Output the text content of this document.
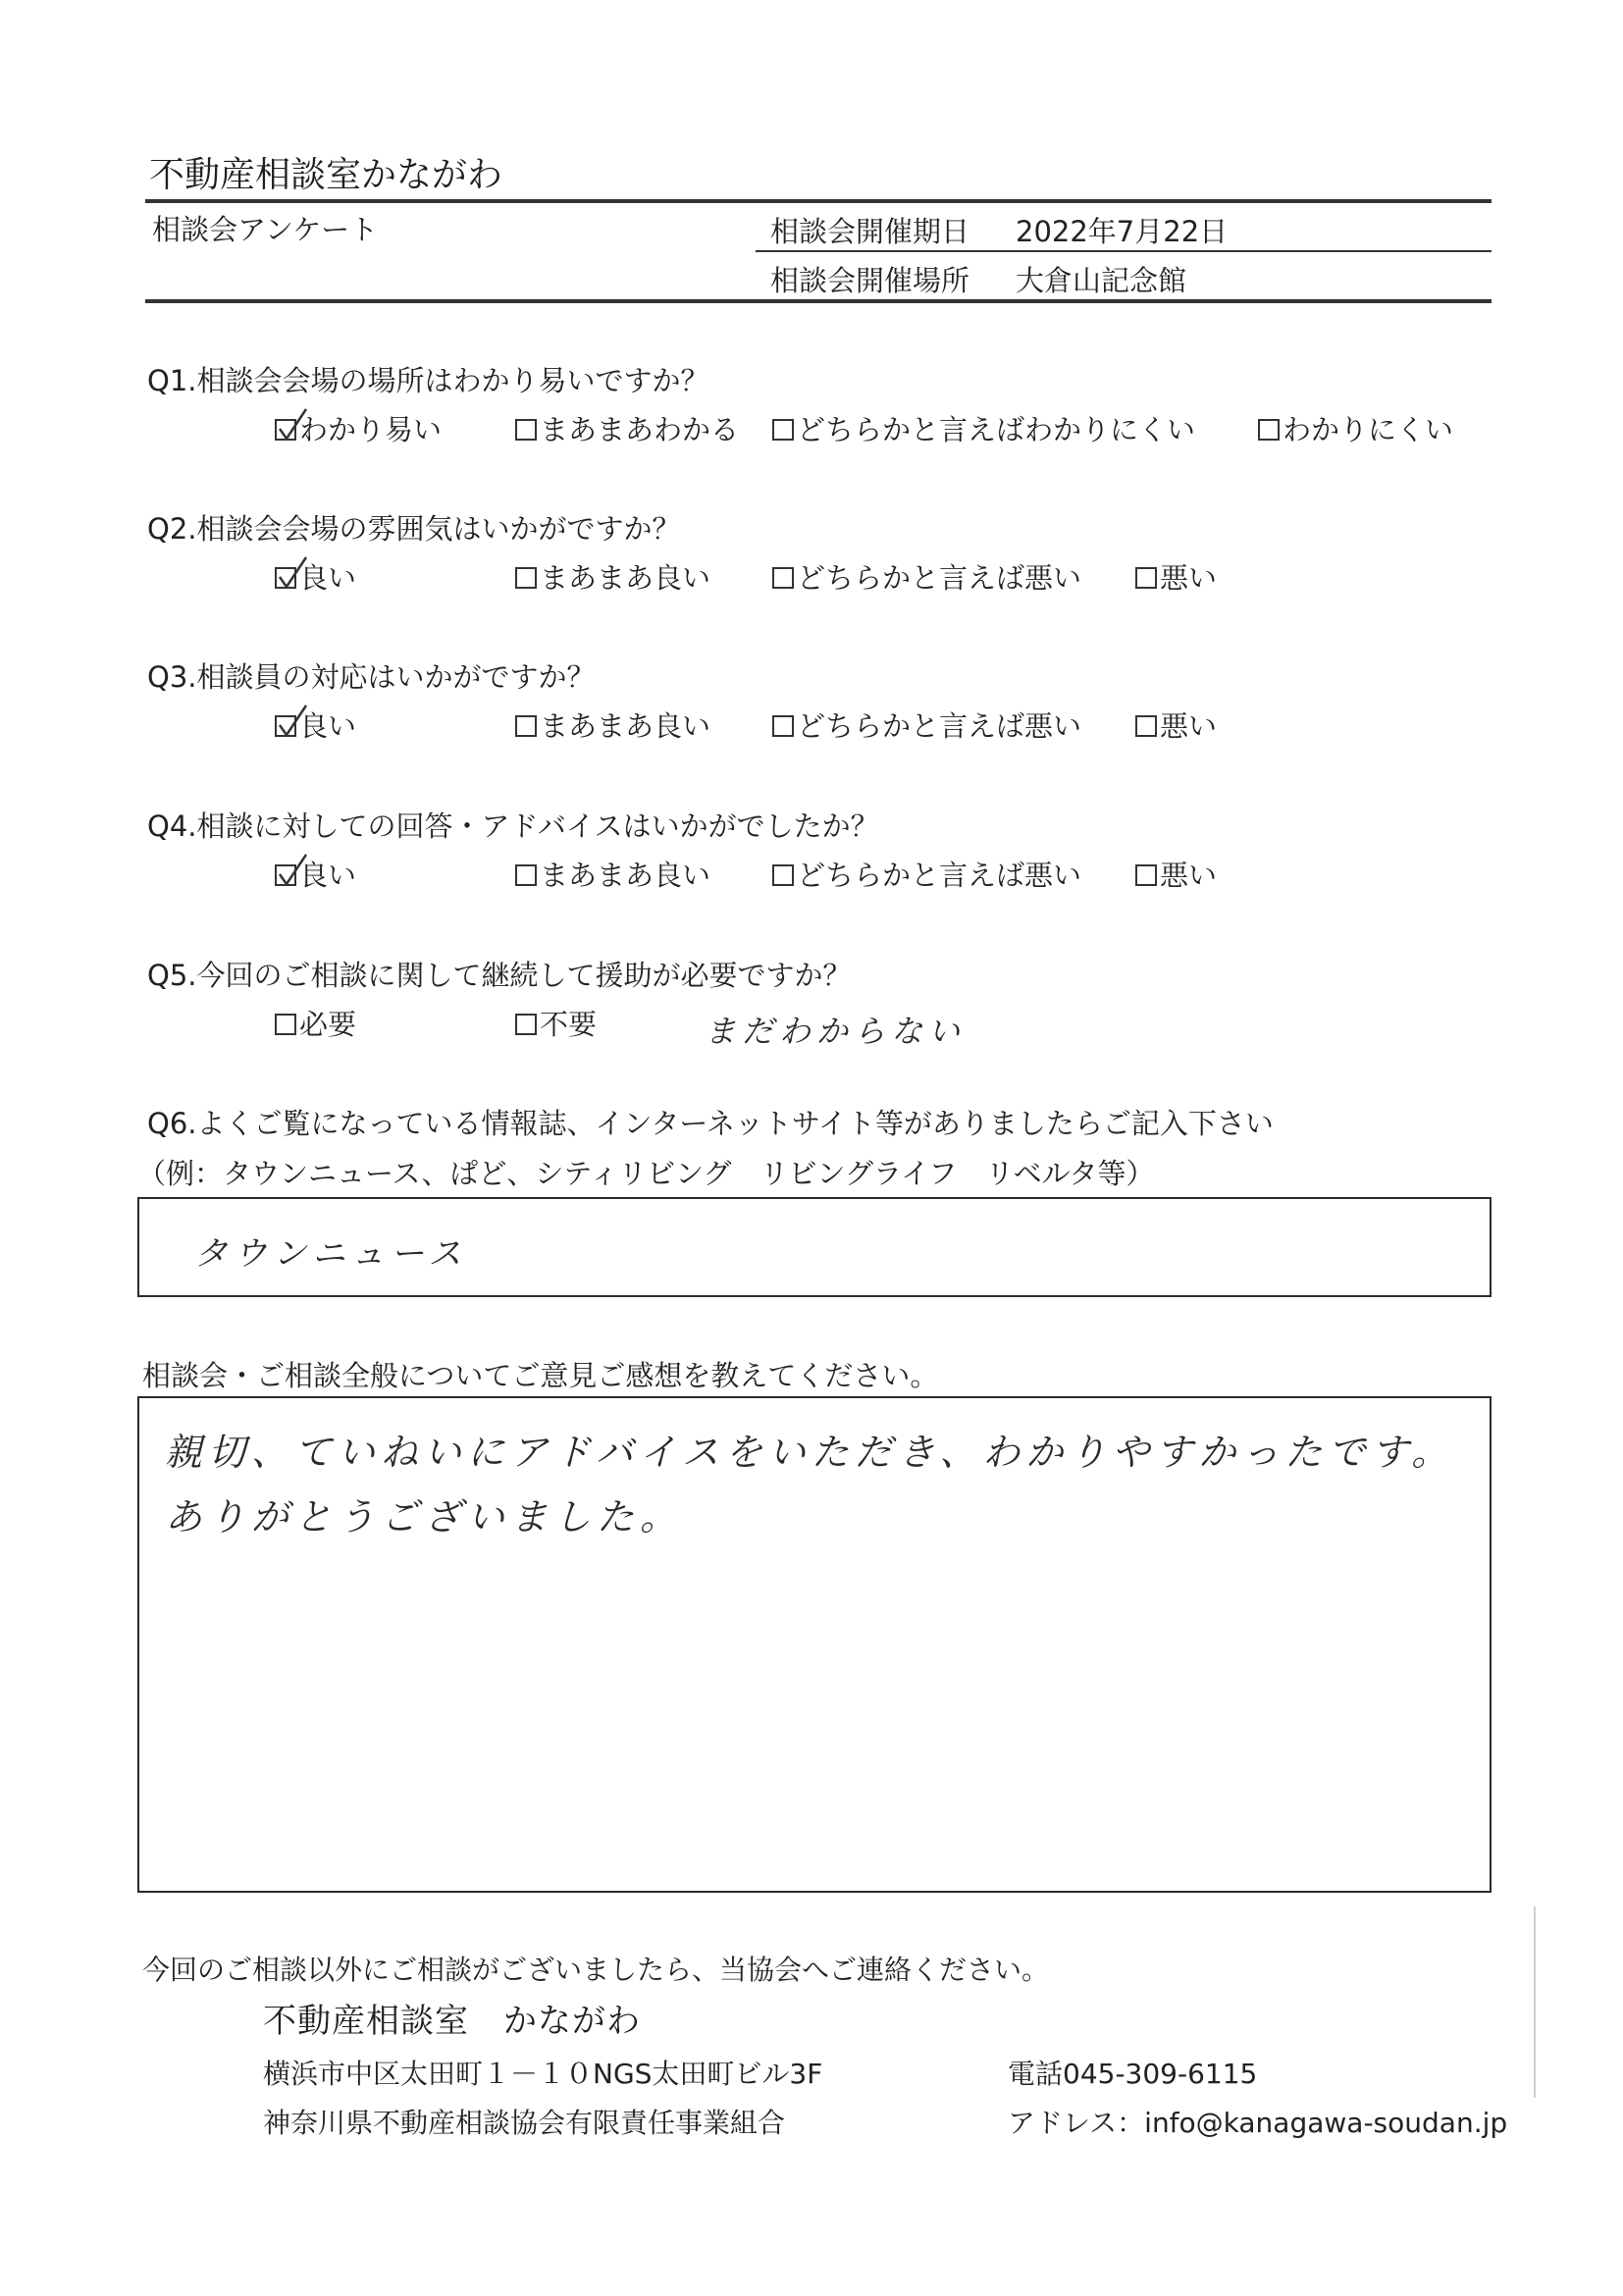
不動産相談室かながわ
相談会アンケート	相談会開催期日 2022年7月22日
相談会開催場所 大倉山記念館
Q1.相談会会場の場所はわかり易いですか？
わかり易い	まあまあわかる どちらかと言えばわかりにくい	わかりにくい
Q2.相談会会場の雰囲気はいかがですか？
良い	まあまあ良い	どちらかと言えば悪い	悪い
Q3.相談員の対応はいかがですか？
良い	まあまあ良い	どちらかと言えば悪い	悪い
Q4.相談に対しての回答・アドバイスはいかがでしたか？
良い	まあまあ良い	どちらかと言えば悪い	悪い
Q5.今回のご相談に関して継続して援助が必要ですか？
必要	不要	まだわからない
Q6.よくご覧になっている情報誌、インターネットサイト等がありましたらご記入下さい
（例：タウンニュース、ぱど、シティリビング　リビングライフ　リベルタ等）
タウンニュース
相談会・ご相談全般についてご意見ご感想を教えてください。
親切、ていねいにアドバイスをいただき、わかりやすかったです。
ありがとうございました。
今回のご相談以外にご相談がございましたら、当協会へご連絡ください。
不動産相談室　かながわ
横浜市中区太田町１－１０NGS太田町ビル3F	電話045-309-6115
神奈川県不動産相談協会有限責任事業組合	アドレス：info@kanagawa-soudan.jp
